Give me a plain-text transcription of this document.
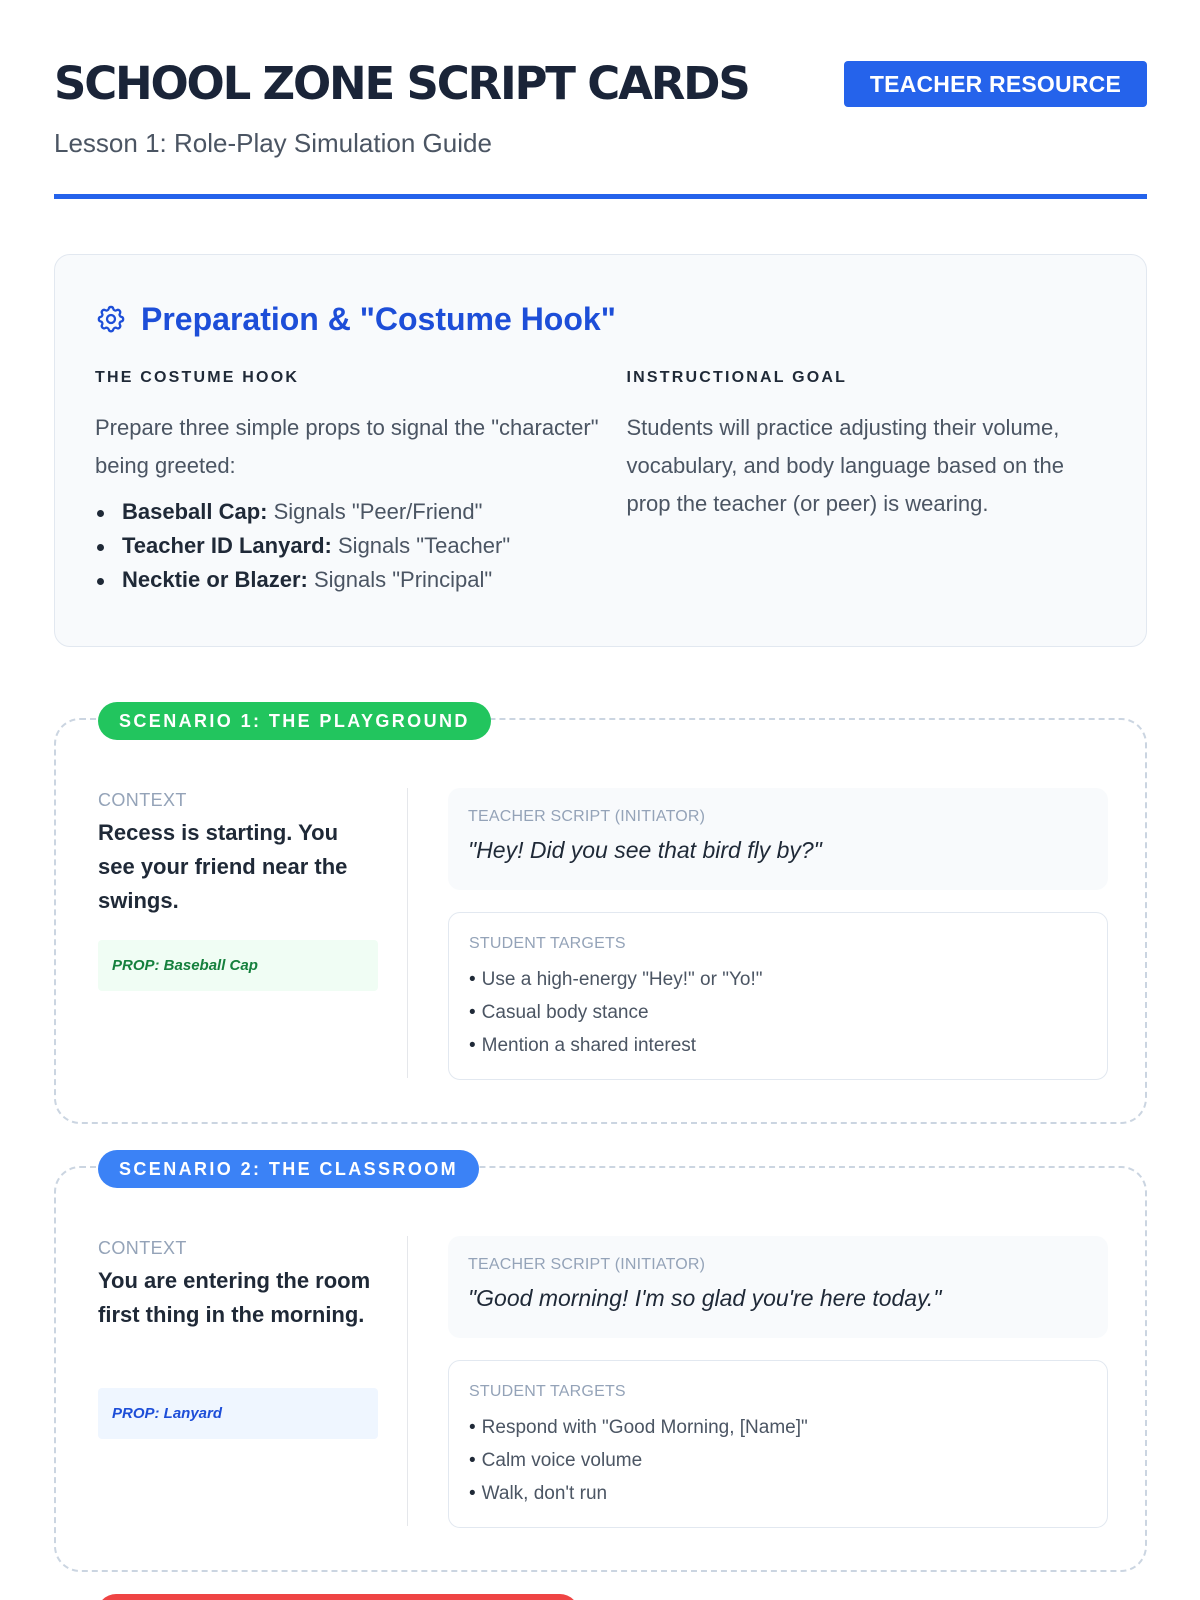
SCHOOL ZONE SCRIPT CARDS	TEACHER RESOURCE
Lesson 1: Role-Play Simulation Guide
Preparation & "Costume Hook"
THE COSTUME HOOK

Prepare three simple props to signal the "character" being greeted:

Baseball Cap: Signals "Peer/Friend"
Teacher ID Lanyard: Signals "Teacher"
Necktie or Blazer: Signals "Principal"
INSTRUCTIONAL GOAL

Students will practice adjusting their volume, vocabulary, and body language based on the prop the teacher (or peer) is wearing.

SCENARIO 1: THE PLAYGROUND
CONTEXT
Recess is starting. You see your friend near the swings.
PROP: Baseball Cap
TEACHER SCRIPT (INITIATOR)
"Hey! Did you see that bird fly by?"
STUDENT TARGETS
• Use a high-energy "Hey!" or "Yo!"
• Casual body stance
• Mention a shared interest
SCENARIO 2: THE CLASSROOM
CONTEXT
You are entering the room first thing in the morning.
PROP: Lanyard
TEACHER SCRIPT (INITIATOR)
"Good morning! I'm so glad you're here today."
STUDENT TARGETS
• Respond with "Good Morning, [Name]"
• Calm voice volume
• Walk, don't run
